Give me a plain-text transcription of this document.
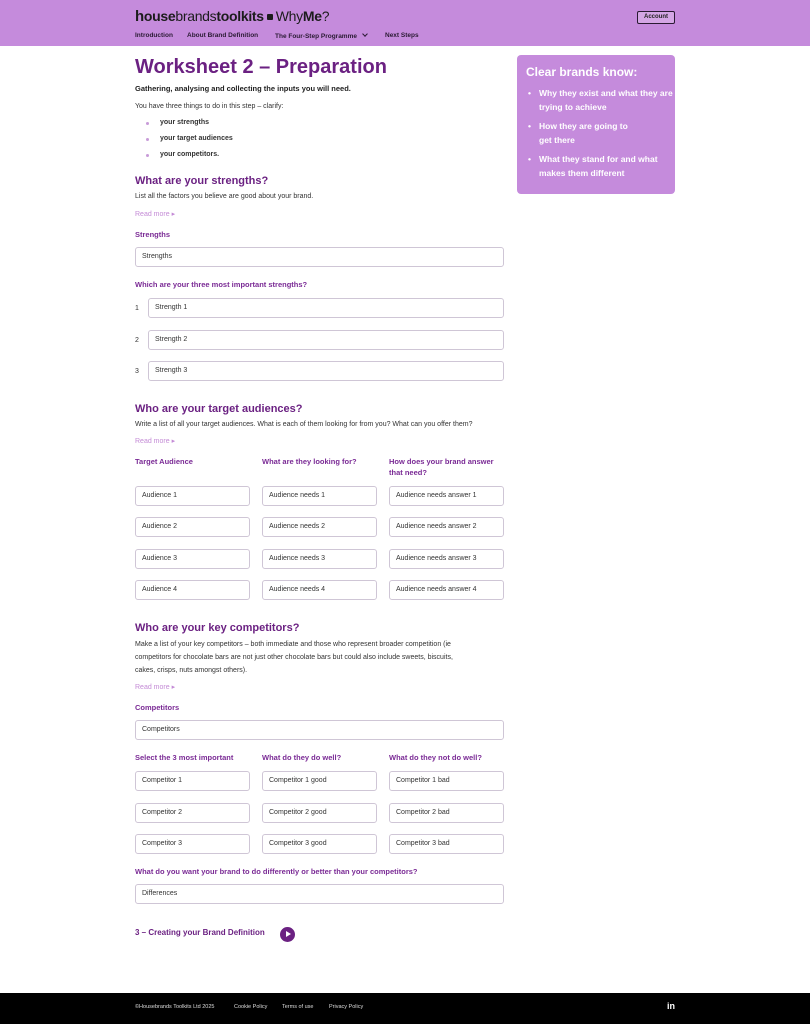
housebrandstoolkits WhyMe?
Introduction About Brand Definition	The Four-Step Programme	Next Steps
Account
Worksheet 2 – Preparation
Gathering, analysing and collecting the inputs you will need.
You have three things to do in this step – clarify:
your strengths
your target audiences
your competitors.
What are your strengths?
List all the factors you believe are good about your brand.
Read more ▸
Strengths
Strengths
Which are your three most important strengths?
1	Strength 1
2	Strength 2
3	Strength 3
Who are your target audiences?
Write a list of all your target audiences. What is each of them looking for from you? What can you offer them?
Read more ▸
Target Audience	What are they looking for?	How does your brand answer that need?
Audience 1	Audience needs 1	Audience needs answer 1
Audience 2	Audience needs 2	Audience needs answer 2
Audience 3	Audience needs 3	Audience needs answer 3
Audience 4	Audience needs 4	Audience needs answer 4
Who are your key competitors?
Make a list of your key competitors – both immediate and those who represent broader competition (ie
competitors for chocolate bars are not just other chocolate bars but could also include sweets, biscuits,
cakes, crisps, nuts amongst others).
Read more ▸
Competitors
Competitors
Select the 3 most important	What do they do well?	What do they not do well?
Competitor 1	Competitor 1 good	Competitor 1 bad
Competitor 2	Competitor 2 good	Competitor 2 bad
Competitor 3	Competitor 3 good	Competitor 3 bad
What do you want your brand to do differently or better than your competitors?
Differences
3 – Creating your Brand Definition
Clear brands know:
• Why they exist and what they are trying to achieve
• How they are going to get there
• What they stand for and what makes them different
©Housebrands Toolkits Ltd 2025	Cookie Policy	Terms of use	Privacy Policy	in
